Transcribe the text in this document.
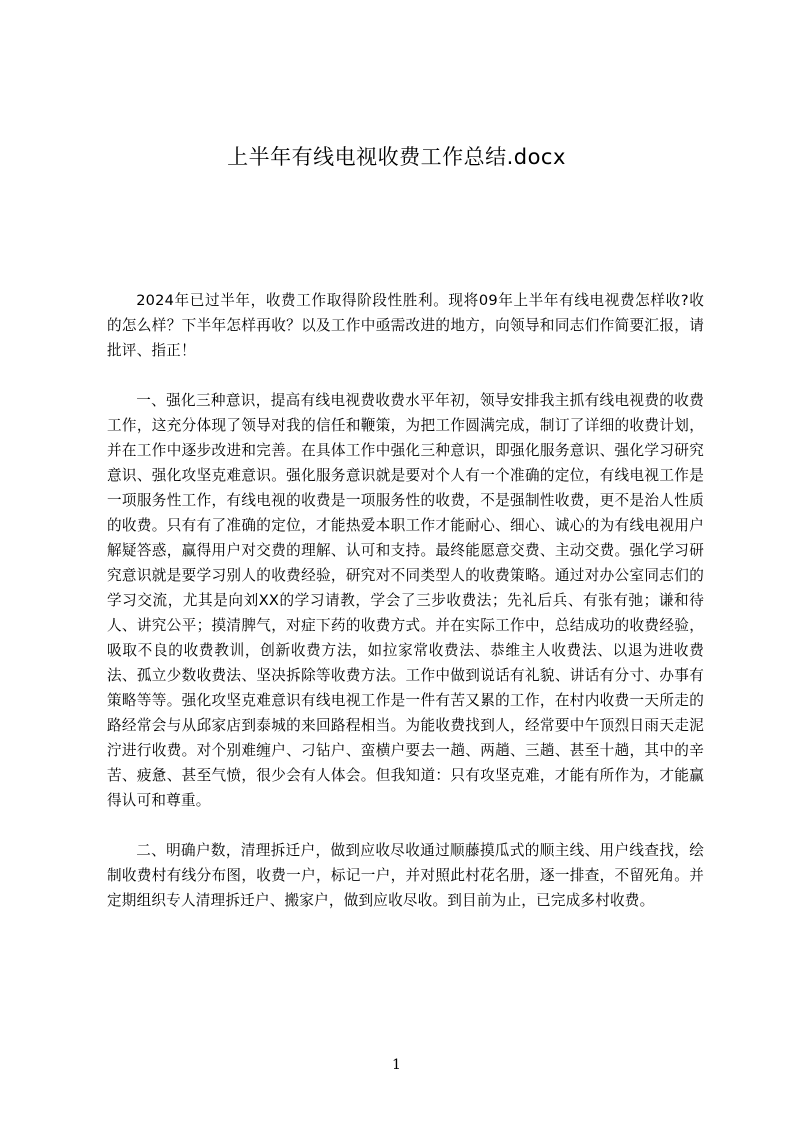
上半年有线电视收费工作总结.docx

2024年已过半年，收费工作取得阶段性胜利。现将09年上半年有线电视费怎样收?收的怎么样？下半年怎样再收？以及工作中亟需改进的地方，向领导和同志们作简要汇报，请批评、指正！

一、强化三种意识，提高有线电视费收费水平年初，领导安排我主抓有线电视费的收费工作，这充分体现了领导对我的信任和鞭策，为把工作圆满完成，制订了详细的收费计划，并在工作中逐步改进和完善。在具体工作中强化三种意识，即强化服务意识、强化学习研究意识、强化攻坚克难意识。强化服务意识就是要对个人有一个准确的定位，有线电视工作是一项服务性工作，有线电视的收费是一项服务性的收费，不是强制性收费，更不是治人性质的收费。只有有了准确的定位，才能热爱本职工作才能耐心、细心、诚心的为有线电视用户解疑答惑，赢得用户对交费的理解、认可和支持。最终能愿意交费、主动交费。强化学习研究意识就是要学习别人的收费经验，研究对不同类型人的收费策略。通过对办公室同志们的学习交流，尤其是向刘XX的学习请教，学会了三步收费法；先礼后兵、有张有弛；谦和待人、讲究公平；摸清脾气，对症下药的收费方式。并在实际工作中，总结成功的收费经验，吸取不良的收费教训，创新收费方法，如拉家常收费法、恭维主人收费法、以退为进收费法、孤立少数收费法、坚决拆除等收费方法。工作中做到说话有礼貌、讲话有分寸、办事有策略等等。强化攻坚克难意识有线电视工作是一件有苦又累的工作，在村内收费一天所走的路经常会与从邱家店到泰城的来回路程相当。为能收费找到人，经常要中午顶烈日雨天走泥泞进行收费。对个别难缠户、刁钻户、蛮横户要去一趟、两趟、三趟、甚至十趟，其中的辛苦、疲惫、甚至气愤，很少会有人体会。但我知道：只有攻坚克难，才能有所作为，才能赢得认可和尊重。

二、明确户数，清理拆迁户，做到应收尽收通过顺藤摸瓜式的顺主线、用户线查找，绘制收费村有线分布图，收费一户，标记一户，并对照此村花名册，逐一排查，不留死角。并定期组织专人清理拆迁户、搬家户，做到应收尽收。到目前为止，已完成多村收费。

1
